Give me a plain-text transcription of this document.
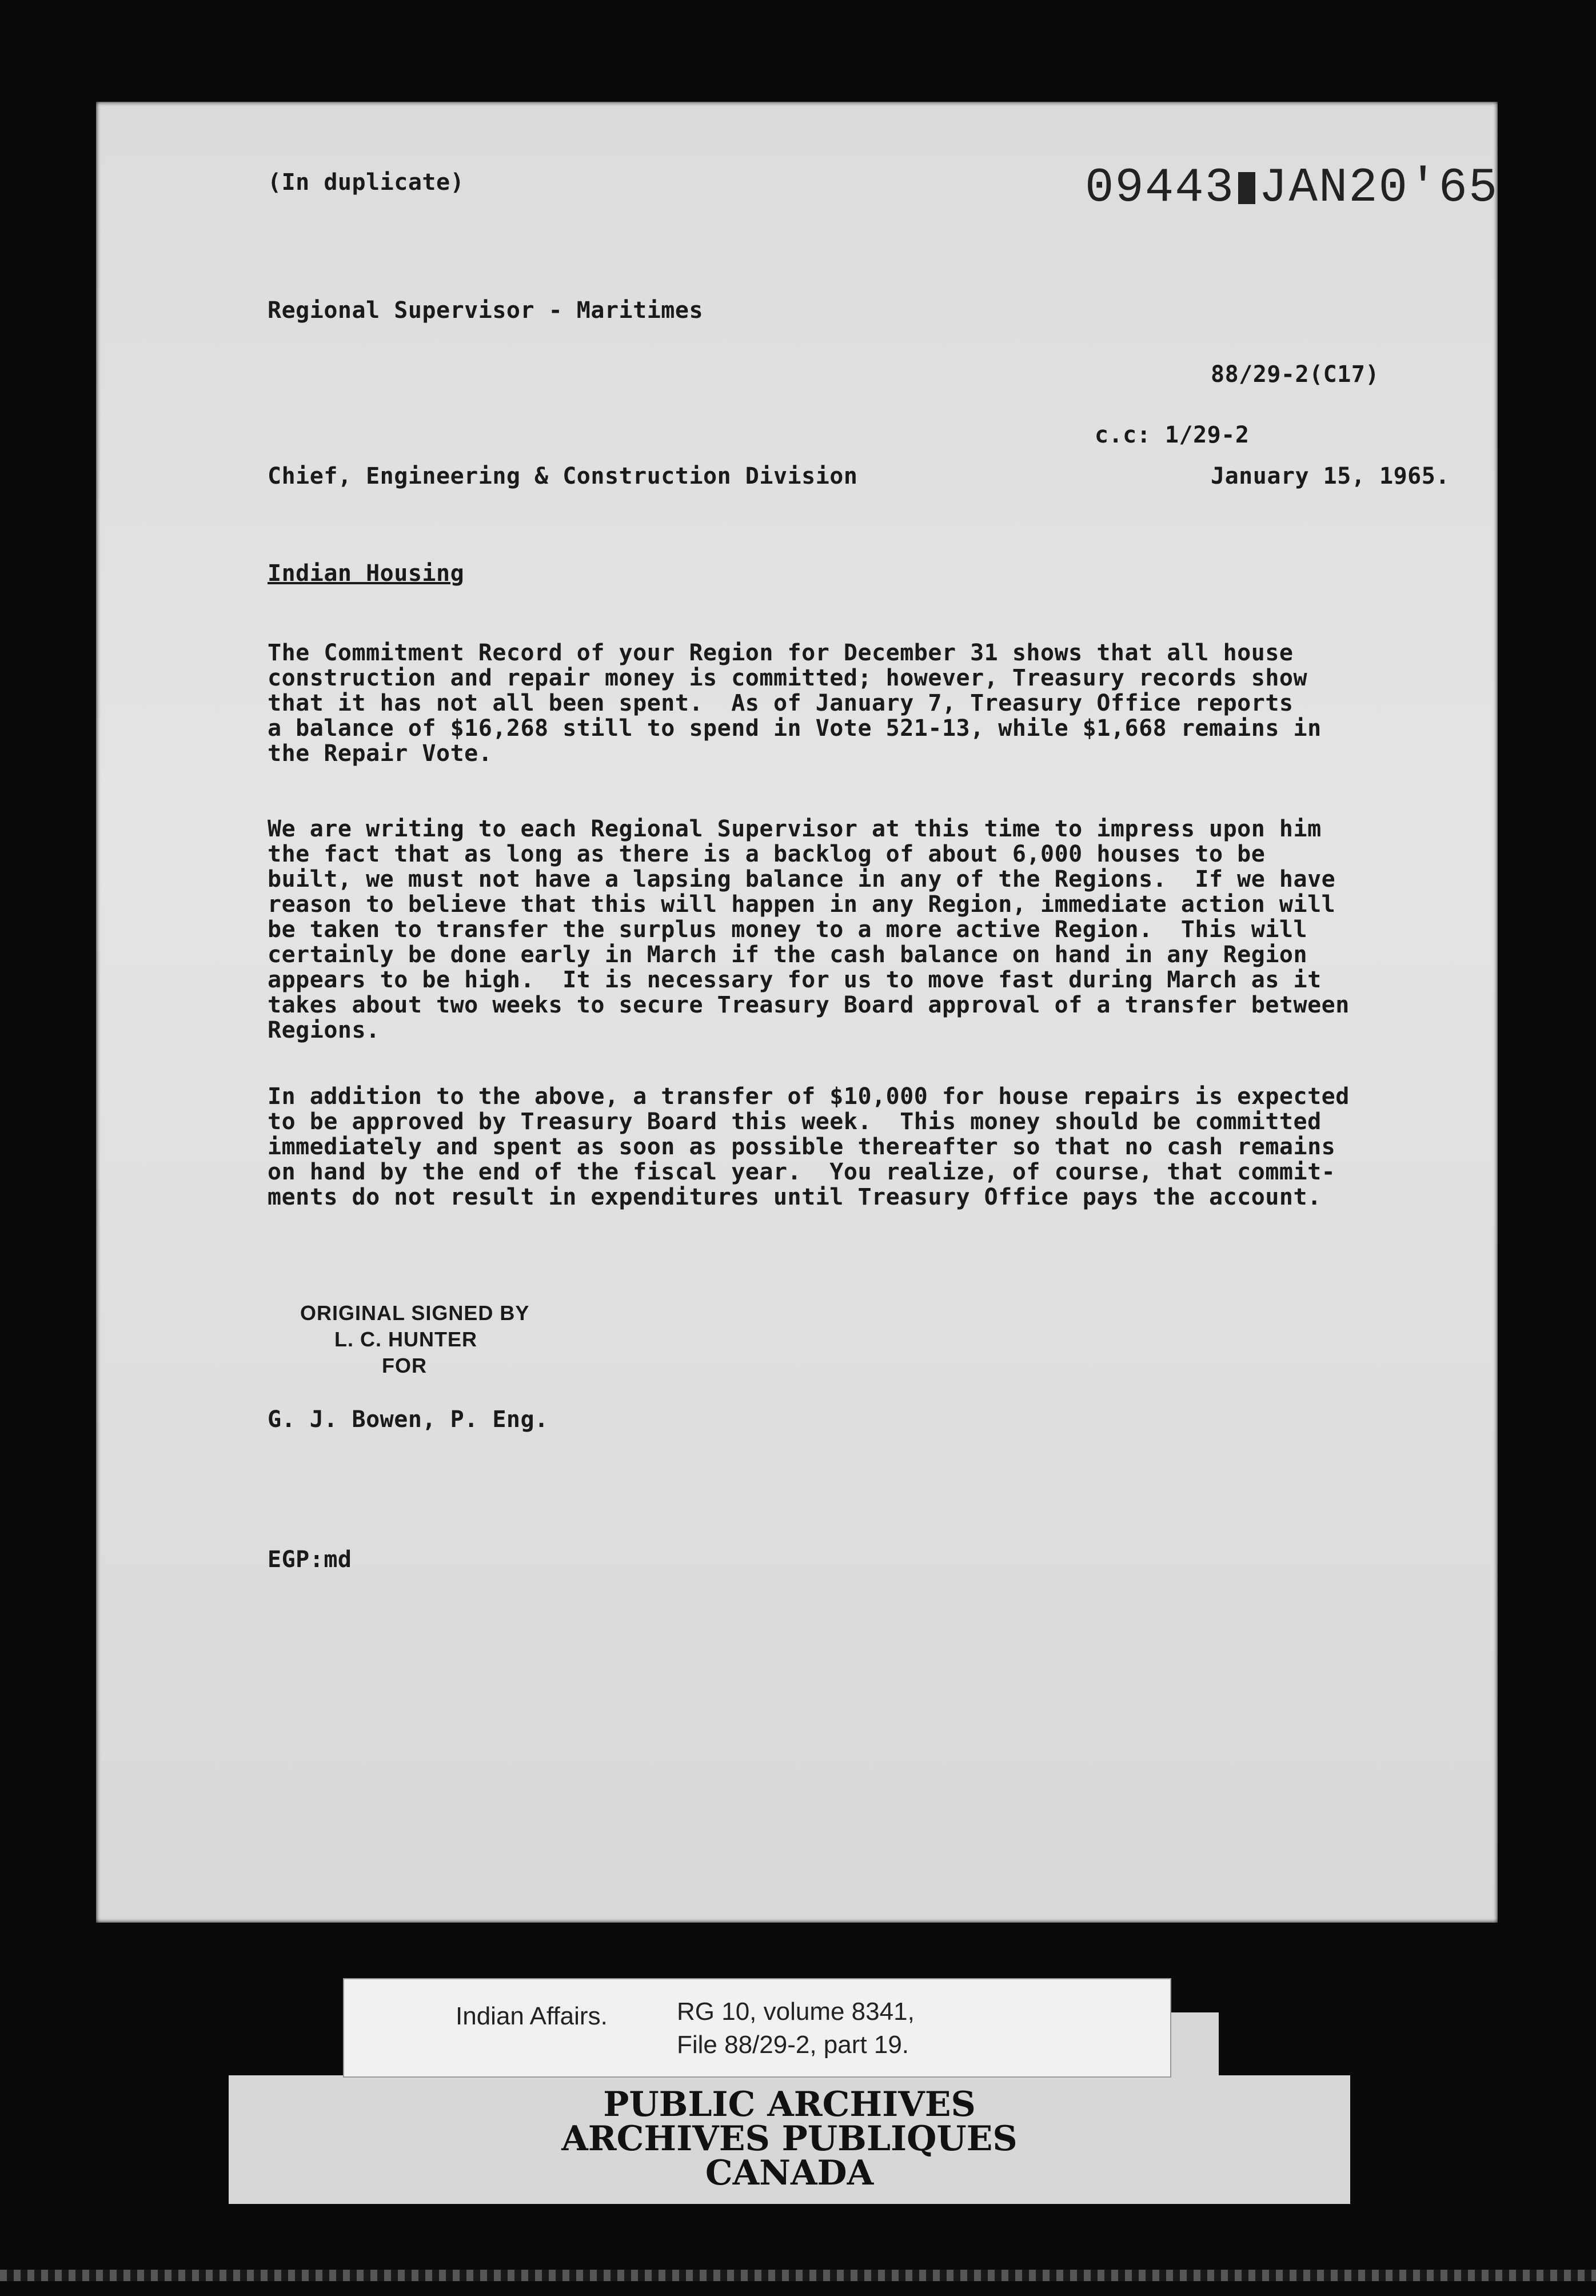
(In duplicate)	09443 JAN20'65
Regional Supervisor - Maritimes
88/29-2(C17)
c.c: 1/29-2
Chief, Engineering & Construction Division	January 15, 1965.
Indian Housing
The Commitment Record of your Region for December 31 shows that all house
construction and repair money is committed; however, Treasury records show
that it has not all been spent.  As of January 7, Treasury Office reports
a balance of $16,268 still to spend in Vote 521-13, while $1,668 remains in
the Repair Vote.
We are writing to each Regional Supervisor at this time to impress upon him
the fact that as long as there is a backlog of about 6,000 houses to be
built, we must not have a lapsing balance in any of the Regions.  If we have
reason to believe that this will happen in any Region, immediate action will
be taken to transfer the surplus money to a more active Region.  This will
certainly be done early in March if the cash balance on hand in any Region
appears to be high.  It is necessary for us to move fast during March as it
takes about two weeks to secure Treasury Board approval of a transfer between
Regions.
In addition to the above, a transfer of $10,000 for house repairs is expected
to be approved by Treasury Board this week.  This money should be committed
immediately and spent as soon as possible thereafter so that no cash remains
on hand by the end of the fiscal year.  You realize, of course, that commit-
ments do not result in expenditures until Treasury Office pays the account.
ORIGINAL SIGNED BY
L. C. HUNTER
FOR
G. J. Bowen, P. Eng.
EGP:md
PUBLIC ARCHIVES
ARCHIVES PUBLIQUES
CANADA
Indian Affairs.	RG 10, volume 8341,
File 88/29-2, part 19.
